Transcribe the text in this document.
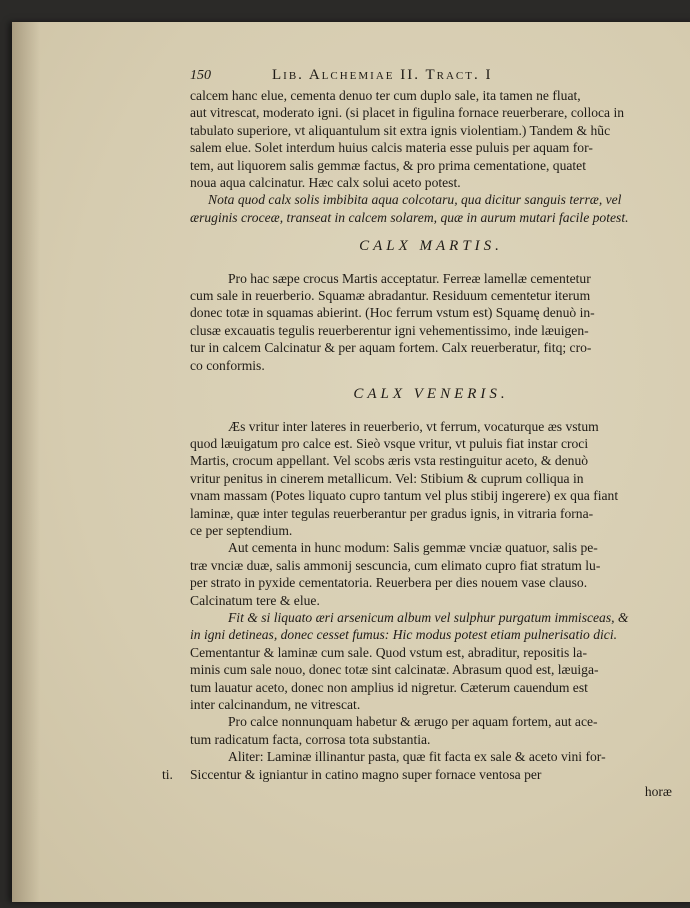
150	Lib. Alchemiae II. Tract. I
calcem hanc elue, cementa denuo ter cum duplo sale, ita tamen ne fluat,
aut vitrescat, moderato igni. (si placet in figulina fornace reuerberare, colloca in
tabulato superiore, vt aliquantulum sit extra ignis violentiam.) Tandem & hũc
salem elue. Solet interdum huius calcis materia esse puluis per aquam for-
tem, aut liquorem salis gemmæ factus, & pro prima cementatione, quatet
noua aqua calcinatur. Hæc calx solui aceto potest.
Nota quod calx solis imbibita aqua colcotaru, qua dicitur sanguis terræ, vel
æruginis croceæ, transeat in calcem solarem, quæ in aurum mutari facile potest.
CALX MARTIS.
Pro hac sæpe crocus Martis acceptatur. Ferreæ lamellæ cementetur
cum sale in reuerberio. Squamæ abradantur. Residuum cementetur iterum
donec totæ in squamas abierint. (Hoc ferrum vstum est) Squamę denuò in-
clusæ excauatis tegulis reuerberentur igni vehementissimo, inde læuigen-
tur in calcem Calcinatur & per aquam fortem. Calx reuerberatur, fitq; cro-
co conformis.
CALX VENERIS.
Æs vritur inter lateres in reuerberio, vt ferrum, vocaturque æs vstum
quod læuigatum pro calce est. Sieò vsque vritur, vt puluis fiat instar croci
Martis, crocum appellant. Vel scobs æris vsta restinguitur aceto, & denuò
vritur penitus in cinerem metallicum. Vel: Stibium & cuprum colliqua in
vnam massam (Potes liquato cupro tantum vel plus stibij ingerere) ex qua fiant
laminæ, quæ inter tegulas reuerberantur per gradus ignis, in vitraria forna-
ce per septendium.
Aut cementa in hunc modum: Salis gemmæ vnciæ quatuor, salis pe-
træ vnciæ duæ, salis ammonij sescuncia, cum elimato cupro fiat stratum lu-
per strato in pyxide cementatoria. Reuerbera per dies nouem vase clauso.
Calcinatum tere & elue.
Fit & si liquato æri arsenicum album vel sulphur purgatum immisceas, &
in igni detineas, donec cesset fumus: Hic modus potest etiam pulnerisatio dici.
Cementantur & laminæ cum sale. Quod vstum est, abraditur, repositis la-
minis cum sale nouo, donec totæ sint calcinatæ. Abrasum quod est, læuiga-
tum lauatur aceto, donec non amplius id nigretur. Cæterum cauendum est
inter calcinandum, ne vitrescat.
Pro calce nonnunquam habetur & ærugo per aquam fortem, aut ace-
tum radicatum facta, corrosa tota substantia.
Aliter: Laminæ illinantur pasta, quæ fit facta ex sale & aceto vini for-
ti. Siccentur & igniantur in catino magno super fornace ventosa per
horæ
